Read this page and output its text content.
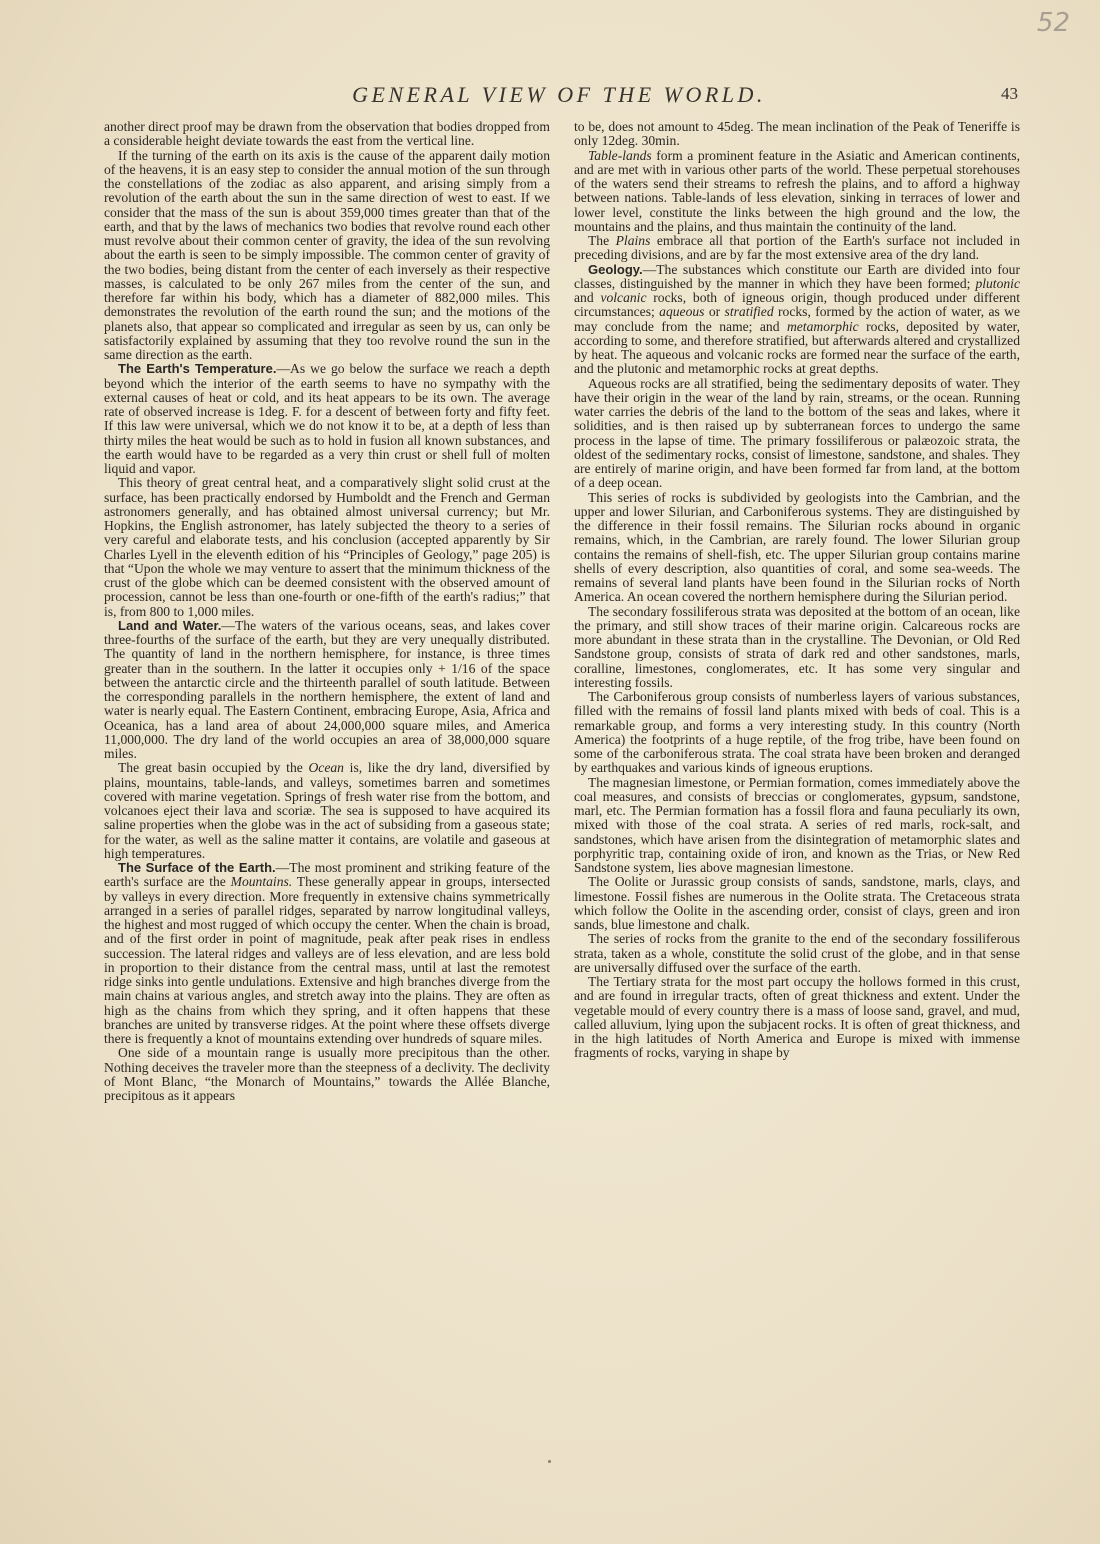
52
GENERAL VIEW OF THE WORLD.	43

another direct proof may be drawn from the observation that bodies dropped from a considerable height deviate towards the east from the vertical line.

If the turning of the earth on its axis is the cause of the apparent daily motion of the heavens, it is an easy step to consider the annual motion of the sun through the constellations of the zodiac as also apparent, and arising simply from a revolution of the earth about the sun in the same direction of west to east. If we consider that the mass of the sun is about 359,000 times greater than that of the earth, and that by the laws of mechanics two bodies that revolve round each other must revolve about their common center of gravity, the idea of the sun revolving about the earth is seen to be simply impossible. The common center of gravity of the two bodies, being distant from the center of each inversely as their respective masses, is calculated to be only 267 miles from the center of the sun, and therefore far within his body, which has a diameter of 882,000 miles. This demonstrates the revolution of the earth round the sun; and the motions of the planets also, that appear so complicated and irregular as seen by us, can only be satisfactorily explained by assuming that they too revolve round the sun in the same direction as the earth.

The Earth's Temperature.—As we go below the surface we reach a depth beyond which the interior of the earth seems to have no sympathy with the external causes of heat or cold, and its heat appears to be its own. The average rate of observed increase is 1deg. F. for a descent of between forty and fifty feet. If this law were universal, which we do not know it to be, at a depth of less than thirty miles the heat would be such as to hold in fusion all known substances, and the earth would have to be regarded as a very thin crust or shell full of molten liquid and vapor.

This theory of great central heat, and a comparatively slight solid crust at the surface, has been practically endorsed by Humboldt and the French and German astronomers generally, and has obtained almost universal currency; but Mr. Hopkins, the English astronomer, has lately subjected the theory to a series of very careful and elaborate tests, and his conclusion (accepted apparently by Sir Charles Lyell in the eleventh edition of his “Principles of Geology,” page 205) is that “Upon the whole we may venture to assert that the minimum thickness of the crust of the globe which can be deemed consistent with the observed amount of procession, cannot be less than one-fourth or one-fifth of the earth's radius;” that is, from 800 to 1,000 miles.

Land and Water.—The waters of the various oceans, seas, and lakes cover three-fourths of the surface of the earth, but they are very unequally distributed. The quantity of land in the northern hemisphere, for instance, is three times greater than in the southern. In the latter it occupies only + 1/16 of the space between the antarctic circle and the thirteenth parallel of south latitude. Between the corresponding parallels in the northern hemisphere, the extent of land and water is nearly equal. The Eastern Continent, embracing Europe, Asia, Africa and Oceanica, has a land area of about 24,000,000 square miles, and America 11,000,000. The dry land of the world occupies an area of 38,000,000 square miles.

The great basin occupied by the Ocean is, like the dry land, diversified by plains, mountains, table-lands, and valleys, sometimes barren and sometimes covered with marine vegetation. Springs of fresh water rise from the bottom, and volcanoes eject their lava and scoriæ. The sea is supposed to have acquired its saline properties when the globe was in the act of subsiding from a gaseous state; for the water, as well as the saline matter it contains, are volatile and gaseous at high temperatures.

The Surface of the Earth.—The most prominent and striking feature of the earth's surface are the Mountains. These generally appear in groups, intersected by valleys in every direction. More frequently in extensive chains symmetrically arranged in a series of parallel ridges, separated by narrow longitudinal valleys, the highest and most rugged of which occupy the center. When the chain is broad, and of the first order in point of magnitude, peak after peak rises in endless succession. The lateral ridges and valleys are of less elevation, and are less bold in proportion to their distance from the central mass, until at last the remotest ridge sinks into gentle undulations. Extensive and high branches diverge from the main chains at various angles, and stretch away into the plains. They are often as high as the chains from which they spring, and it often happens that these branches are united by transverse ridges. At the point where these offsets diverge there is frequently a knot of mountains extending over hundreds of square miles.

One side of a mountain range is usually more precipitous than the other. Nothing deceives the traveler more than the steepness of a declivity. The declivity of Mont Blanc, “the Monarch of Mountains,” towards the Allée Blanche, precipitous as it appears

to be, does not amount to 45deg. The mean inclination of the Peak of Teneriffe is only 12deg. 30min.

Table-lands form a prominent feature in the Asiatic and American continents, and are met with in various other parts of the world. These perpetual storehouses of the waters send their streams to refresh the plains, and to afford a highway between nations. Table-lands of less elevation, sinking in terraces of lower and lower level, constitute the links between the high ground and the low, the mountains and the plains, and thus maintain the continuity of the land.

The Plains embrace all that portion of the Earth's surface not included in preceding divisions, and are by far the most extensive area of the dry land.

Geology.—The substances which constitute our Earth are divided into four classes, distinguished by the manner in which they have been formed; plutonic and volcanic rocks, both of igneous origin, though produced under different circumstances; aqueous or stratified rocks, formed by the action of water, as we may conclude from the name; and metamorphic rocks, deposited by water, according to some, and therefore stratified, but afterwards altered and crystallized by heat. The aqueous and volcanic rocks are formed near the surface of the earth, and the plutonic and metamorphic rocks at great depths.

Aqueous rocks are all stratified, being the sedimentary deposits of water. They have their origin in the wear of the land by rain, streams, or the ocean. Running water carries the debris of the land to the bottom of the seas and lakes, where it solidities, and is then raised up by subterranean forces to undergo the same process in the lapse of time. The primary fossiliferous or palæozoic strata, the oldest of the sedimentary rocks, consist of limestone, sandstone, and shales. They are entirely of marine origin, and have been formed far from land, at the bottom of a deep ocean.

This series of rocks is subdivided by geologists into the Cambrian, and the upper and lower Silurian, and Carboniferous systems. They are distinguished by the difference in their fossil remains. The Silurian rocks abound in organic remains, which, in the Cambrian, are rarely found. The lower Silurian group contains the remains of shell-fish, etc. The upper Silurian group contains marine shells of every description, also quantities of coral, and some sea-weeds. The remains of several land plants have been found in the Silurian rocks of North America. An ocean covered the northern hemisphere during the Silurian period.

The secondary fossiliferous strata was deposited at the bottom of an ocean, like the primary, and still show traces of their marine origin. Calcareous rocks are more abundant in these strata than in the crystalline. The Devonian, or Old Red Sandstone group, consists of strata of dark red and other sandstones, marls, coralline, limestones, conglomerates, etc. It has some very singular and interesting fossils.

The Carboniferous group consists of numberless layers of various substances, filled with the remains of fossil land plants mixed with beds of coal. This is a remarkable group, and forms a very interesting study. In this country (North America) the footprints of a huge reptile, of the frog tribe, have been found on some of the carboniferous strata. The coal strata have been broken and deranged by earthquakes and various kinds of igneous eruptions.

The magnesian limestone, or Permian formation, comes immediately above the coal measures, and consists of breccias or conglomerates, gypsum, sandstone, marl, etc. The Permian formation has a fossil flora and fauna peculiarly its own, mixed with those of the coal strata. A series of red marls, rock-salt, and sandstones, which have arisen from the disintegration of metamorphic slates and porphyritic trap, containing oxide of iron, and known as the Trias, or New Red Sandstone system, lies above magnesian limestone.

The Oolite or Jurassic group consists of sands, sandstone, marls, clays, and limestone. Fossil fishes are numerous in the Oolite strata. The Cretaceous strata which follow the Oolite in the ascending order, consist of clays, green and iron sands, blue limestone and chalk.

The series of rocks from the granite to the end of the secondary fossiliferous strata, taken as a whole, constitute the solid crust of the globe, and in that sense are universally diffused over the surface of the earth.

The Tertiary strata for the most part occupy the hollows formed in this crust, and are found in irregular tracts, often of great thickness and extent. Under the vegetable mould of every country there is a mass of loose sand, gravel, and mud, called alluvium, lying upon the subjacent rocks. It is often of great thickness, and in the high latitudes of North America and Europe is mixed with immense fragments of rocks, varying in shape by
